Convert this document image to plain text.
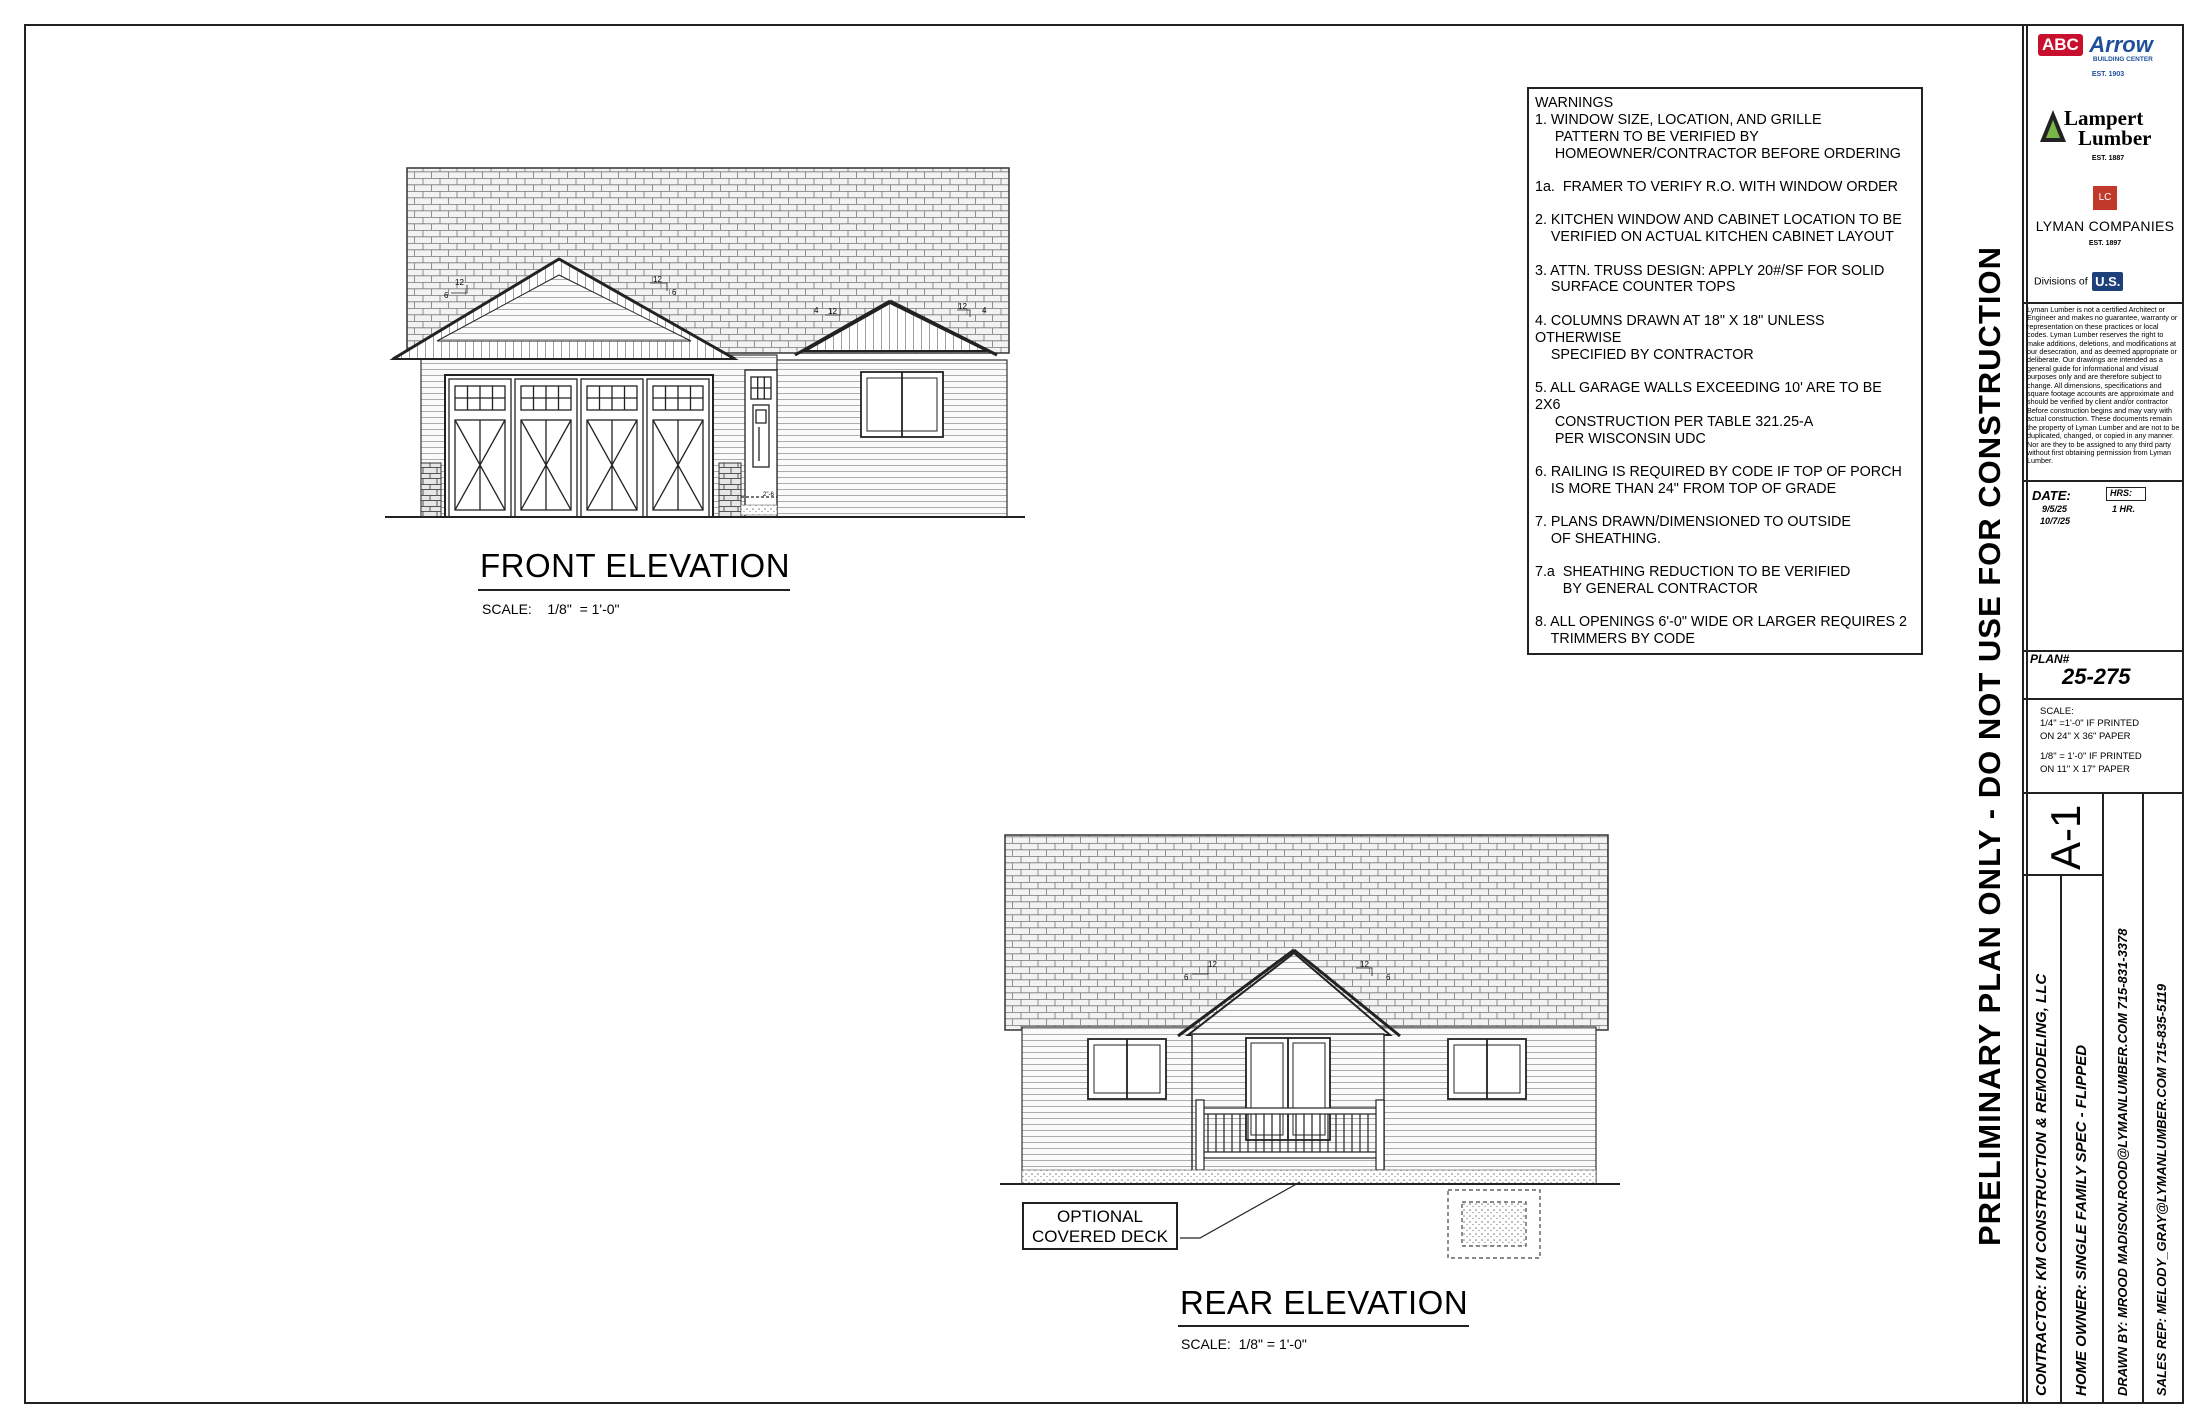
12
6
12
6
12
4	12 4
2"-6
FRONT ELEVATION
SCALE:    1/8"  = 1'-0"
12
6
12
6
OPTIONAL
COVERED DECK
REAR ELEVATION
SCALE:  1/8" = 1'-0"
WARNINGS
1. WINDOW SIZE, LOCATION, AND GRILLE
PATTERN TO BE VERIFIED BY
HOMEOWNER/CONTRACTOR BEFORE ORDERING
1a.  FRAMER TO VERIFY R.O. WITH WINDOW ORDER
2. KITCHEN WINDOW AND CABINET LOCATION TO BE
VERIFIED ON ACTUAL KITCHEN CABINET LAYOUT
3. ATTN. TRUSS DESIGN: APPLY 20#/SF FOR SOLID
SURFACE COUNTER TOPS
4. COLUMNS DRAWN AT 18" X 18" UNLESS
OTHERWISE
SPECIFIED BY CONTRACTOR
5. ALL GARAGE WALLS EXCEEDING 10' ARE TO BE
2X6
CONSTRUCTION PER TABLE 321.25-A
PER WISCONSIN UDC
6. RAILING IS REQUIRED BY CODE IF TOP OF PORCH
IS MORE THAN 24" FROM TOP OF GRADE
7. PLANS DRAWN/DIMENSIONED TO OUTSIDE
OF SHEATHING.
7.a  SHEATHING REDUCTION TO BE VERIFIED
BY GENERAL CONTRACTOR
8. ALL OPENINGS 6'-0" WIDE OR LARGER REQUIRES 2
TRIMMERS BY CODE	PRELIMINARY PLAN ONLY - DO NOT USE FOR CONSTRUCTION
ABC Arrow
BUILDING CENTER
EST. 1903
Lampert
Lumber
EST. 1887
LC
LYMAN COMPANIES
EST. 1897
Divisions of U.S.
Lyman Lumber is not a certified Architect or Engineer and makes no guarantee, warranty or representation on these practices or local codes. Lyman Lumber reserves the right to make additions, deletions, and modifications at our desecration, and as deemed appropriate or deliberate. Our drawings are intended as a general guide for informational and visual purposes only and are therefore subject to change. All dimensions, specifications and square footage accounts are approximate and should be verified by client and/or contractor Before construction begins and may vary with actual construction. These documents remain the property of Lyman Lumber and are not to be duplicated, changed, or copied in any manner. Nor are they to be assigned to any third party without first obtaining permission from Lyman Lumber.
DATE:
9/5/25
10/7/25
HRS:
1 HR.
PLAN#
25-275
SCALE:
1/4" =1'-0" IF PRINTED
ON 24" X 36" PAPER
1/8" = 1'-0" IF PRINTED
ON 11" X 17" PAPER
A-1
CONTRACTOR: KM CONSTRUCTION & REMODELING, LLC HOME OWNER: SINGLE FAMILY SPEC - FLIPPED DRAWN BY: MROOD MADISON.ROOD@LYMANLUMBER.COM 715-831-3378 SALES REP: MELODY_GRAY@LYMANLUMBER.COM 715-835-5119
